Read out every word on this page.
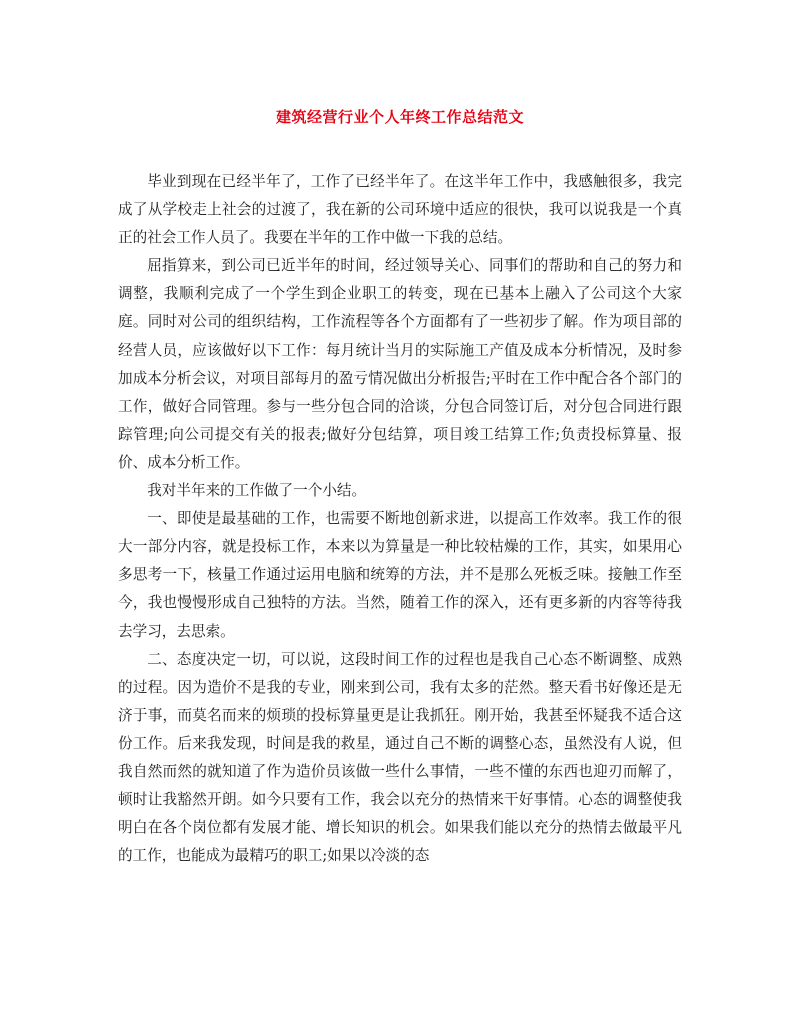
建筑经营行业个人年终工作总结范文

毕业到现在已经半年了，工作了已经半年了。在这半年工作中，我感触很多，我完成了从学校走上社会的过渡了，我在新的公司环境中适应的很快，我可以说我是一个真正的社会工作人员了。我要在半年的工作中做一下我的总结。

屈指算来，到公司已近半年的时间，经过领导关心、同事们的帮助和自己的努力和调整，我顺利完成了一个学生到企业职工的转变，现在已基本上融入了公司这个大家庭。同时对公司的组织结构，工作流程等各个方面都有了一些初步了解。作为项目部的经营人员，应该做好以下工作：每月统计当月的实际施工产值及成本分析情况，及时参加成本分析会议，对项目部每月的盈亏情况做出分析报告;平时在工作中配合各个部门的工作，做好合同管理。参与一些分包合同的洽谈，分包合同签订后，对分包合同进行跟踪管理;向公司提交有关的报表;做好分包结算，项目竣工结算工作;负责投标算量、报价、成本分析工作。

我对半年来的工作做了一个小结。

一、即使是最基础的工作，也需要不断地创新求进，以提高工作效率。我工作的很大一部分内容，就是投标工作，本来以为算量是一种比较枯燥的工作，其实，如果用心多思考一下，核量工作通过运用电脑和统筹的方法，并不是那么死板乏味。接触工作至今，我也慢慢形成自己独特的方法。当然，随着工作的深入，还有更多新的内容等待我去学习，去思索。

二、态度决定一切，可以说，这段时间工作的过程也是我自己心态不断调整、成熟的过程。因为造价不是我的专业，刚来到公司，我有太多的茫然。整天看书好像还是无济于事，而莫名而来的烦琐的投标算量更是让我抓狂。刚开始，我甚至怀疑我不适合这份工作。后来我发现，时间是我的救星，通过自己不断的调整心态，虽然没有人说，但我自然而然的就知道了作为造价员该做一些什么事情，一些不懂的东西也迎刃而解了，顿时让我豁然开朗。如今只要有工作，我会以充分的热情来干好事情。心态的调整使我明白在各个岗位都有发展才能、增长知识的机会。如果我们能以充分的热情去做最平凡的工作，也能成为最精巧的职工;如果以冷淡的态
